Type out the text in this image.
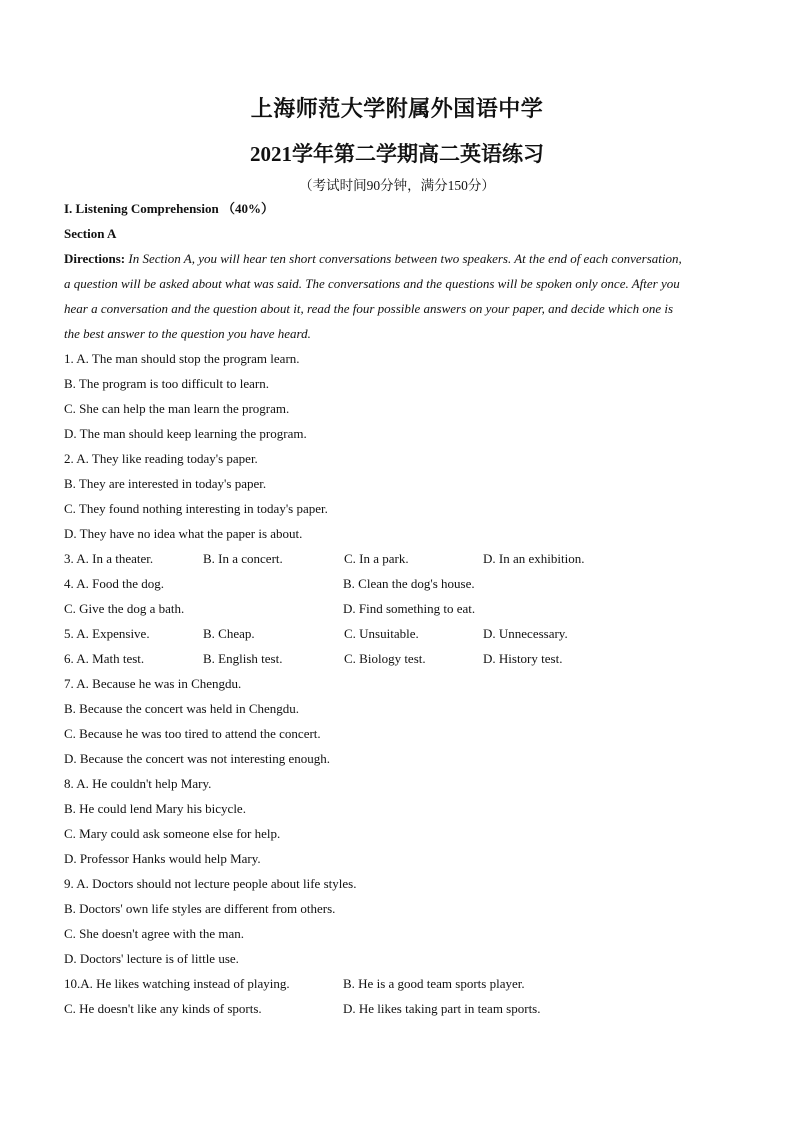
上海师范大学附属外国语中学
2021学年第二学期高二英语练习
（考试时间90分钟，满分150分）
I. Listening Comprehension （40%）
Section A
Directions: In Section A, you will hear ten short conversations between two speakers. At the end of each conversation,
a question will be asked about what was said. The conversations and the questions will be spoken only once. After you
hear a conversation and the question about it, read the four possible answers on your paper, and decide which one is
the best answer to the question you have heard.
1. A. The man should stop the program learn.
B. The program is too difficult to learn.
C. She can help the man learn the program.
D. The man should keep learning the program.
2. A. They like reading today's paper.
B. They are interested in today's paper.
C. They found nothing interesting in today's paper.
D. They have no idea what the paper is about.
3. A. In a theater.	B. In a concert.	C. In a park.	D. In an exhibition.
4. A. Food the dog.	B. Clean the dog's house.
C. Give the dog a bath.	D. Find something to eat.
5. A. Expensive.	B. Cheap.	C. Unsuitable.	D. Unnecessary.
6. A. Math test.	B. English test.	C. Biology test.	D. History test.
7. A. Because he was in Chengdu.
B. Because the concert was held in Chengdu.
C. Because he was too tired to attend the concert.
D. Because the concert was not interesting enough.
8. A. He couldn't help Mary.
B. He could lend Mary his bicycle.
C. Mary could ask someone else for help.
D. Professor Hanks would help Mary.
9. A. Doctors should not lecture people about life styles.
B. Doctors' own life styles are different from others.
C. She doesn't agree with the man.
D. Doctors' lecture is of little use.
10.A. He likes watching instead of playing.	B. He is a good team sports player.
C. He doesn't like any kinds of sports.	D. He likes taking part in team sports.
